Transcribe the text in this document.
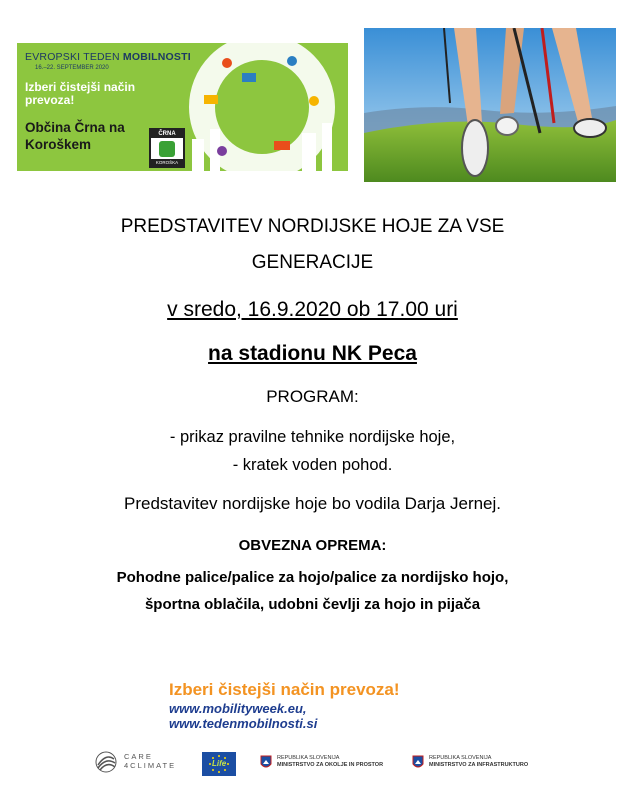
EVROPSKI TEDEN MOBILNOSTI
16.–22. SEPTEMBER 2020
Izberi čistejši način prevoza!
Občina Črna na Koroškem
ČRNA
KOROŠKA
PREDSTAVITEV NORDIJSKE HOJE ZA VSE
GENERACIJE
v sredo, 16.9.2020 ob 17.00 uri
na stadionu NK Peca
PROGRAM:
- prikaz pravilne tehnike nordijske hoje,
- kratek voden pohod.
Predstavitev nordijske hoje bo vodila Darja Jernej.
OBVEZNA OPREMA:
Pohodne palice/palice za hojo/palice za nordijsko hojo,
športna oblačila, udobni čevlji za hojo in pijača
Izberi čistejši način prevoza!
www.mobilityweek.eu,
www.tedenmobilnosti.si
CARE
4CLIMATE	Life
REPUBLIKA SLOVENIJA
MINISTRSTVO ZA OKOLJE IN PROSTOR
REPUBLIKA SLOVENIJA
MINISTRSTVO ZA INFRASTRUKTURO
